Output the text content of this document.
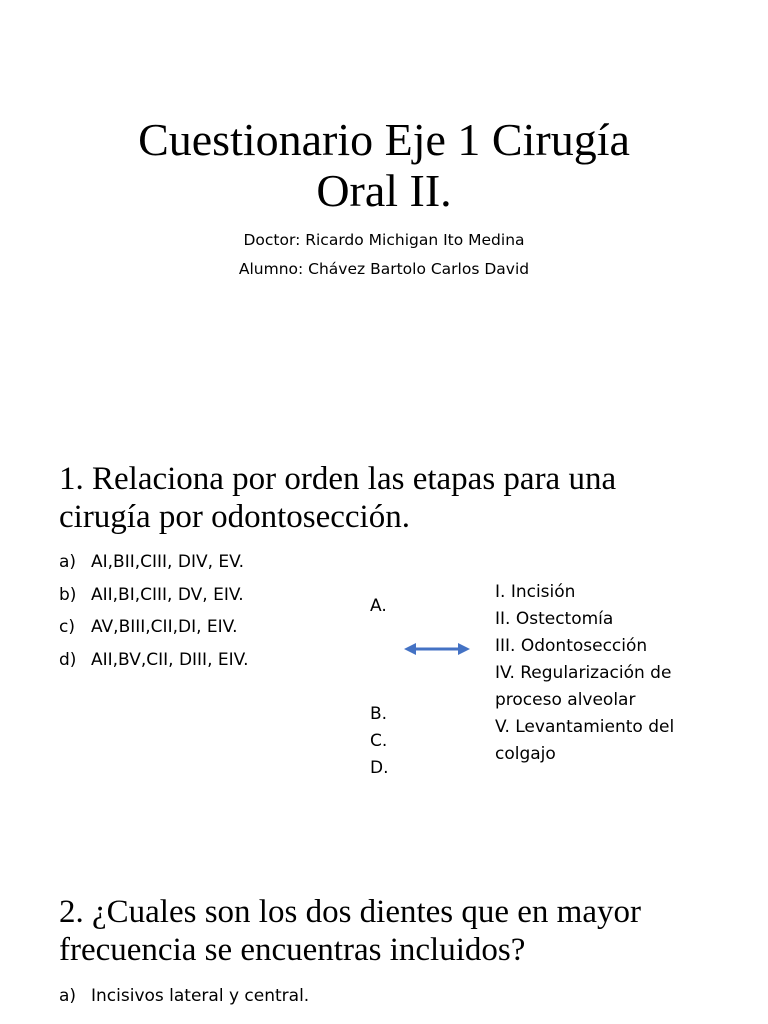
Cuestionario Eje 1 Cirugía
Oral II.
Doctor: Ricardo Michigan Ito Medina
Alumno: Chávez Bartolo Carlos David
1. Relaciona por orden las etapas para una
cirugía por odontosección.
a) AI,BII,CIII, DIV, EV.
b) AII,BI,CIII, DV, EIV.
c) AV,BIII,CII,DI, EIV.
d) AII,BV,CII, DIII, EIV.
A.
B.
C.
D.
I. Incisión
II. Ostectomía
III. Odontosección
IV. Regularización de
proceso alveolar
V. Levantamiento del
colgajo
2. ¿Cuales son los dos dientes que en mayor
frecuencia se encuentras incluidos?
a) Incisivos lateral y central.
